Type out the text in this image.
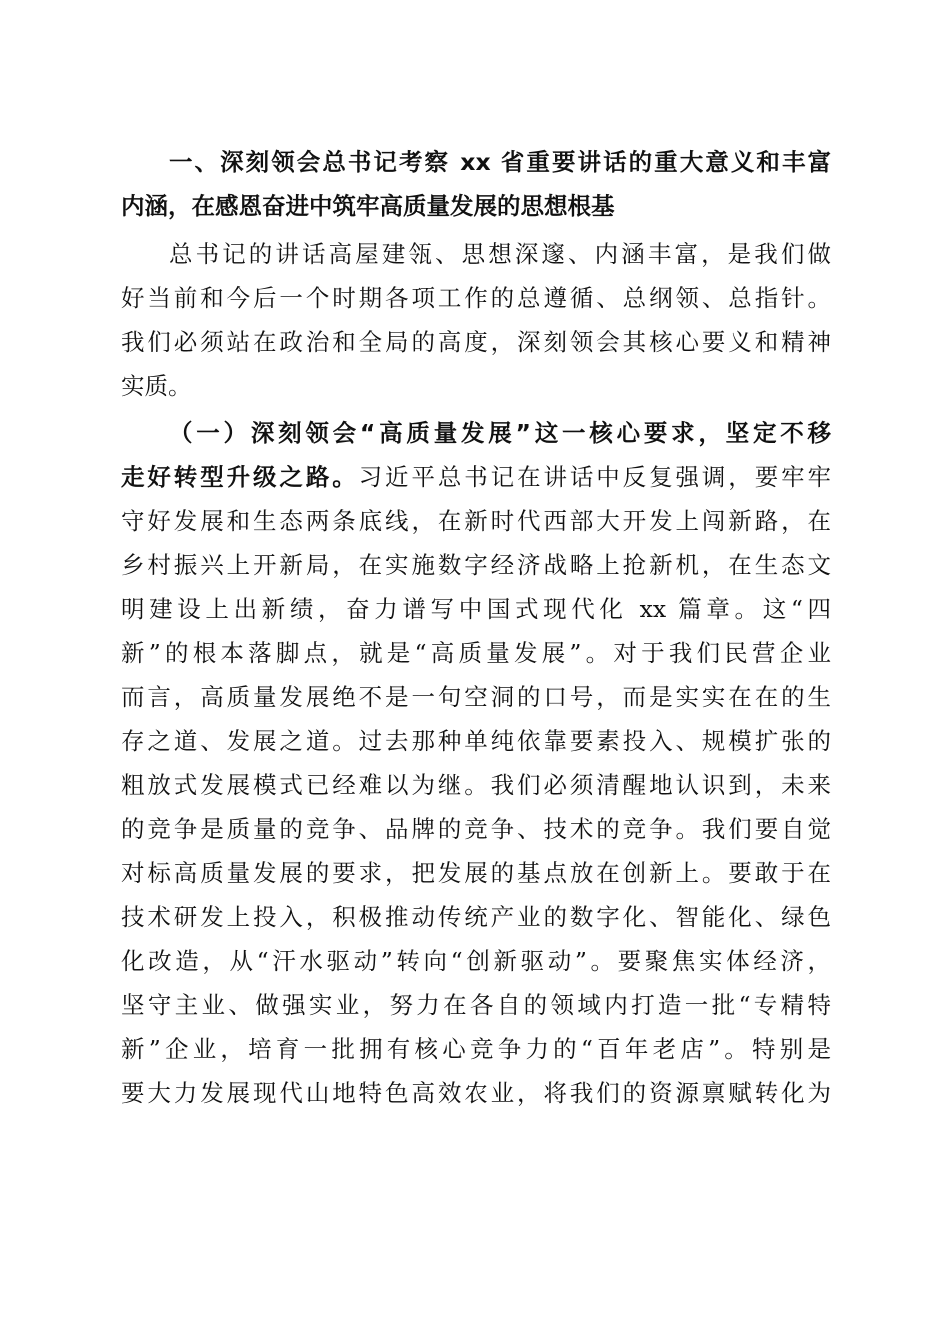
一、深刻领会总书记考察 xx 省重要讲话的重大意义和丰富
内涵，在感恩奋进中筑牢高质量发展的思想根基
总书记的讲话高屋建瓴、思想深邃、内涵丰富，是我们做
好当前和今后一个时期各项工作的总遵循、总纲领、总指针。
我们必须站在政治和全局的高度，深刻领会其核心要义和精神
实质。
（一）深刻领会“高质量发展”这一核心要求，坚定不移
走好转型升级之路。习近平总书记在讲话中反复强调，要牢牢
守好发展和生态两条底线，在新时代西部大开发上闯新路，在
乡村振兴上开新局，在实施数字经济战略上抢新机，在生态文
明建设上出新绩，奋力谱写中国式现代化 xx 篇章。这“四
新”的根本落脚点，就是“高质量发展”。对于我们民营企业
而言，高质量发展绝不是一句空洞的口号，而是实实在在的生
存之道、发展之道。过去那种单纯依靠要素投入、规模扩张的
粗放式发展模式已经难以为继。我们必须清醒地认识到，未来
的竞争是质量的竞争、品牌的竞争、技术的竞争。我们要自觉
对标高质量发展的要求，把发展的基点放在创新上。要敢于在
技术研发上投入，积极推动传统产业的数字化、智能化、绿色
化改造，从“汗水驱动”转向“创新驱动”。要聚焦实体经济，
坚守主业、做强实业，努力在各自的领域内打造一批“专精特
新”企业，培育一批拥有核心竞争力的“百年老店”。特别是
要大力发展现代山地特色高效农业，将我们的资源禀赋转化为
